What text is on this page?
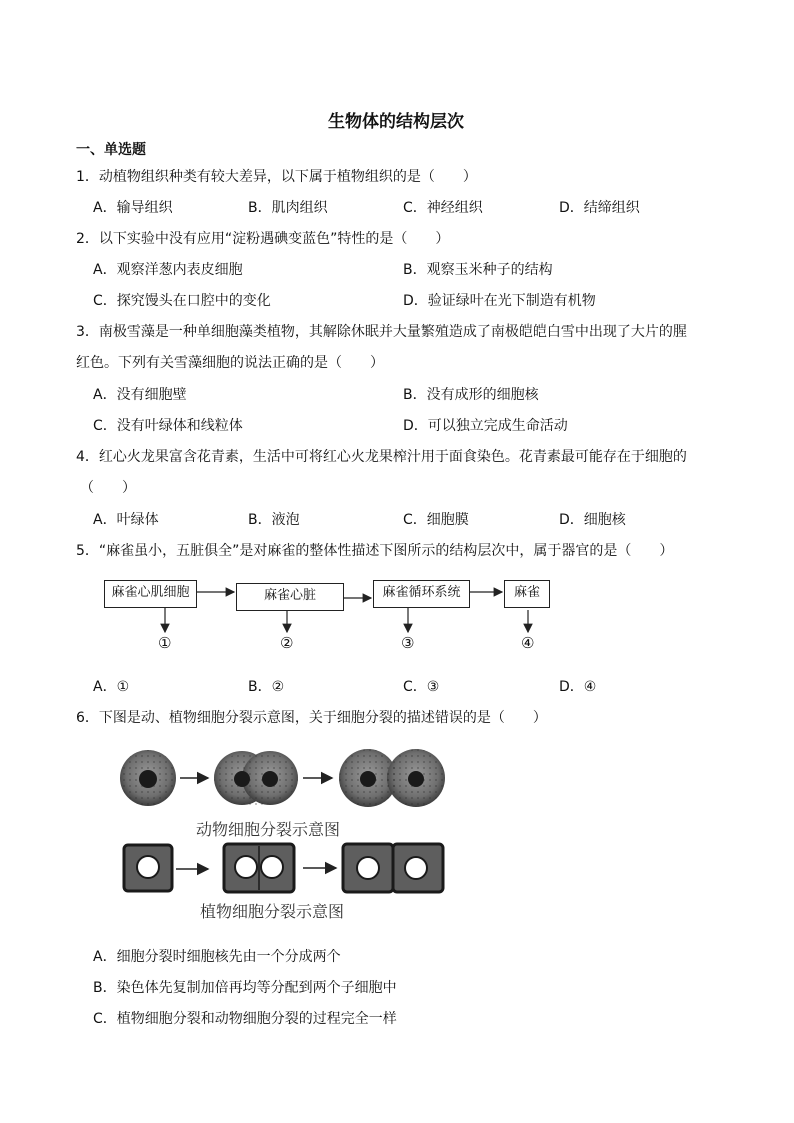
生物体的结构层次
一、单选题
1．动植物组织种类有较大差异，以下属于植物组织的是（　　）
A．输导组织	B．肌肉组织	C．神经组织	D．结缔组织
2．以下实验中没有应用“淀粉遇碘变蓝色”特性的是（　　）
A．观察洋葱内表皮细胞	B．观察玉米种子的结构
C．探究馒头在口腔中的变化	D．验证绿叶在光下制造有机物
3．南极雪藻是一种单细胞藻类植物，其解除休眠并大量繁殖造成了南极皑皑白雪中出现了大片的腥
红色。下列有关雪藻细胞的说法正确的是（　　）
A．没有细胞壁	B．没有成形的细胞核
C．没有叶绿体和线粒体	D．可以独立完成生命活动
4．红心火龙果富含花青素，生活中可将红心火龙果榨汁用于面食染色。花青素最可能存在于细胞的
（　　）
A．叶绿体	B．液泡	C．细胞膜	D．细胞核
5．“麻雀虽小，五脏俱全”是对麻雀的整体性描述下图所示的结构层次中，属于器官的是（　　）
麻雀心肌细胞	麻雀心脏	麻雀循环系统	麻雀
①	②	③	④
A．①	B．②	C．③	D．④
6．下图是动、植物细胞分裂示意图，关于细胞分裂的描述错误的是（　　）
动物细胞分裂示意图
植物细胞分裂示意图
A．细胞分裂时细胞核先由一个分成两个
B．染色体先复制加倍再均等分配到两个子细胞中
C．植物细胞分裂和动物细胞分裂的过程完全一样
